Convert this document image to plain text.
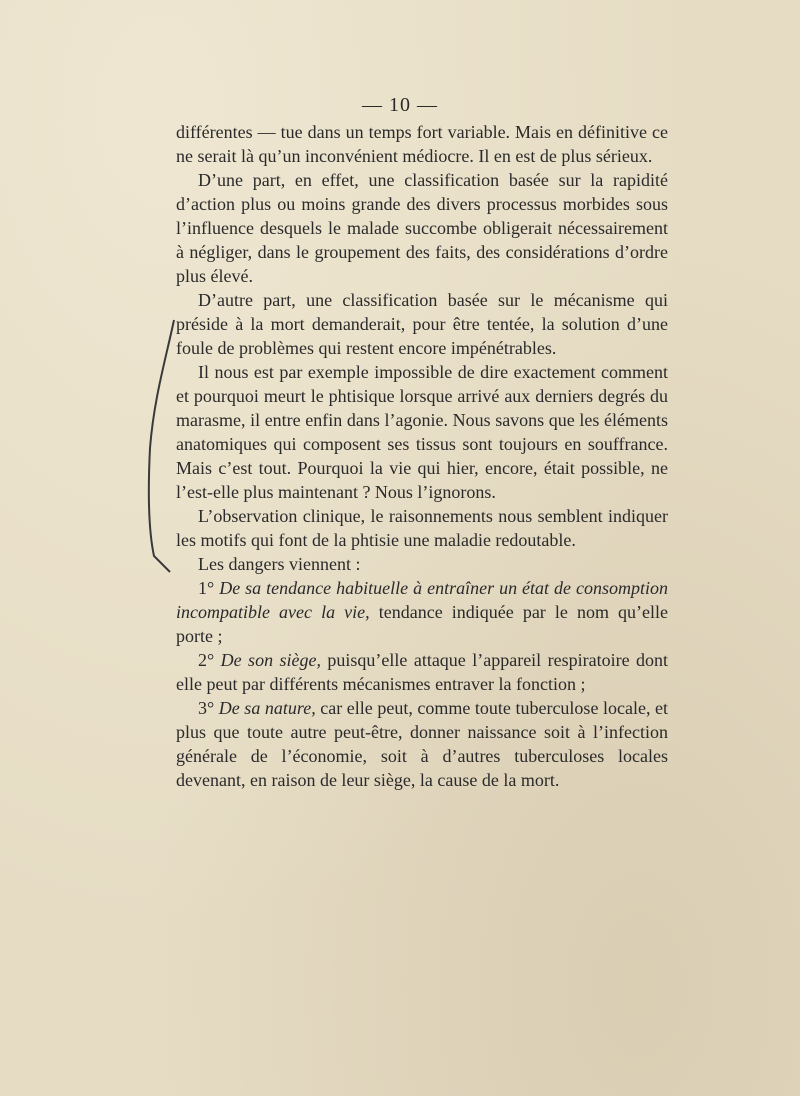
— 10 —

différentes — tue dans un temps fort variable. Mais en définitive ce ne serait là qu’un inconvénient médiocre. Il en est de plus sérieux.

D’une part, en effet, une classification basée sur la rapidité d’action plus ou moins grande des divers processus morbides sous l’influence desquels le malade succombe obligerait nécessairement à négliger, dans le groupement des faits, des considérations d’ordre plus élevé.

D’autre part, une classification basée sur le mécanisme qui préside à la mort demanderait, pour être tentée, la solution d’une foule de problèmes qui restent encore impénétrables.

Il nous est par exemple impossible de dire exactement comment et pourquoi meurt le phtisique lorsque arrivé aux derniers degrés du marasme, il entre enfin dans l’agonie. Nous savons que les éléments anatomiques qui composent ses tissus sont toujours en souffrance. Mais c’est tout. Pourquoi la vie qui hier, encore, était possible, ne l’est-elle plus maintenant ? Nous l’ignorons.

L’observation clinique, le raisonnements nous semblent indiquer les motifs qui font de la phtisie une maladie redoutable.

Les dangers viennent :

1° De sa tendance habituelle à entraîner un état de consomption incompatible avec la vie, tendance indiquée par le nom qu’elle porte ;

2° De son siège, puisqu’elle attaque l’appareil respiratoire dont elle peut par différents mécanismes entraver la fonction ;

3° De sa nature, car elle peut, comme toute tuberculose locale, et plus que toute autre peut-être, donner naissance soit à l’infection générale de l’économie, soit à d’autres tuberculoses locales devenant, en raison de leur siège, la cause de la mort.
